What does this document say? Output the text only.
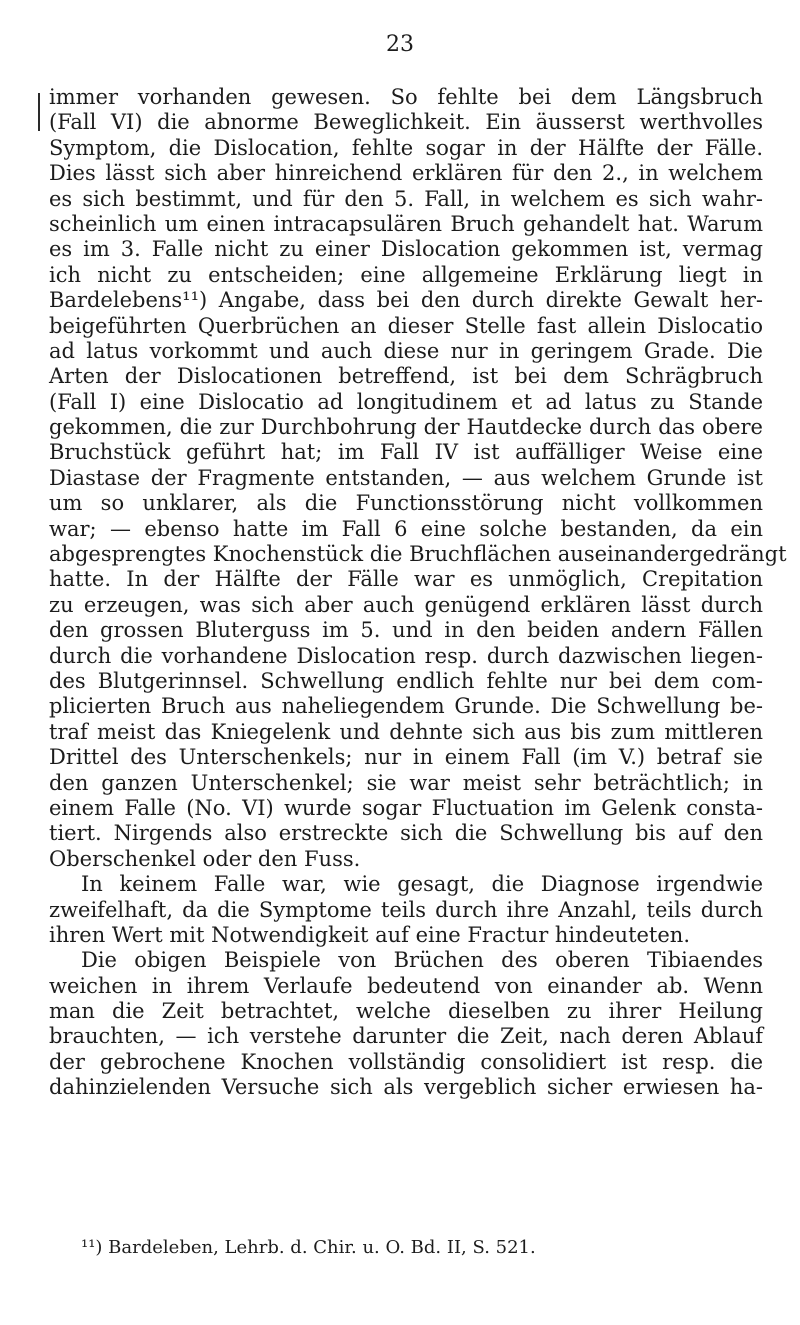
23

immer vorhanden gewesen. So fehlte bei dem Längsbruch
(Fall VI) die abnorme Beweglichkeit. Ein äusserst werthvolles
Symptom, die Dislocation, fehlte sogar in der Hälfte der Fälle.
Dies lässt sich aber hinreichend erklären für den 2., in welchem
es sich bestimmt, und für den 5. Fall, in welchem es sich wahr-
scheinlich um einen intracapsulären Bruch gehandelt hat. Warum
es im 3. Falle nicht zu einer Dislocation gekommen ist, vermag
ich nicht zu entscheiden; eine allgemeine Erklärung liegt in
Bardelebens¹¹) Angabe, dass bei den durch direkte Gewalt her-
beigeführten Querbrüchen an dieser Stelle fast allein Dislocatio
ad latus vorkommt und auch diese nur in geringem Grade. Die
Arten der Dislocationen betreffend, ist bei dem Schrägbruch
(Fall I) eine Dislocatio ad longitudinem et ad latus zu Stande
gekommen, die zur Durchbohrung der Hautdecke durch das obere
Bruchstück geführt hat; im Fall IV ist auffälliger Weise eine
Diastase der Fragmente entstanden, — aus welchem Grunde ist
um so unklarer, als die Functionsstörung nicht vollkommen
war; — ebenso hatte im Fall 6 eine solche bestanden, da ein
abgesprengtes Knochenstück die Bruchflächen auseinandergedrängt
hatte. In der Hälfte der Fälle war es unmöglich, Crepitation
zu erzeugen, was sich aber auch genügend erklären lässt durch
den grossen Bluterguss im 5. und in den beiden andern Fällen
durch die vorhandene Dislocation resp. durch dazwischen liegen-
des Blutgerinnsel. Schwellung endlich fehlte nur bei dem com-
plicierten Bruch aus naheliegendem Grunde. Die Schwellung be-
traf meist das Kniegelenk und dehnte sich aus bis zum mittleren
Drittel des Unterschenkels; nur in einem Fall (im V.) betraf sie
den ganzen Unterschenkel; sie war meist sehr beträchtlich; in
einem Falle (No. VI) wurde sogar Fluctuation im Gelenk consta-
tiert. Nirgends also erstreckte sich die Schwellung bis auf den
Oberschenkel oder den Fuss.

In keinem Falle war, wie gesagt, die Diagnose irgendwie
zweifelhaft, da die Symptome teils durch ihre Anzahl, teils durch
ihren Wert mit Notwendigkeit auf eine Fractur hindeuteten.

Die obigen Beispiele von Brüchen des oberen Tibiaendes
weichen in ihrem Verlaufe bedeutend von einander ab. Wenn
man die Zeit betrachtet, welche dieselben zu ihrer Heilung
brauchten, — ich verstehe darunter die Zeit, nach deren Ablauf
der gebrochene Knochen vollständig consolidiert ist resp. die
dahinzielenden Versuche sich als vergeblich sicher erwiesen ha-

¹¹) Bardeleben, Lehrb. d. Chir. u. O. Bd. II, S. 521.
